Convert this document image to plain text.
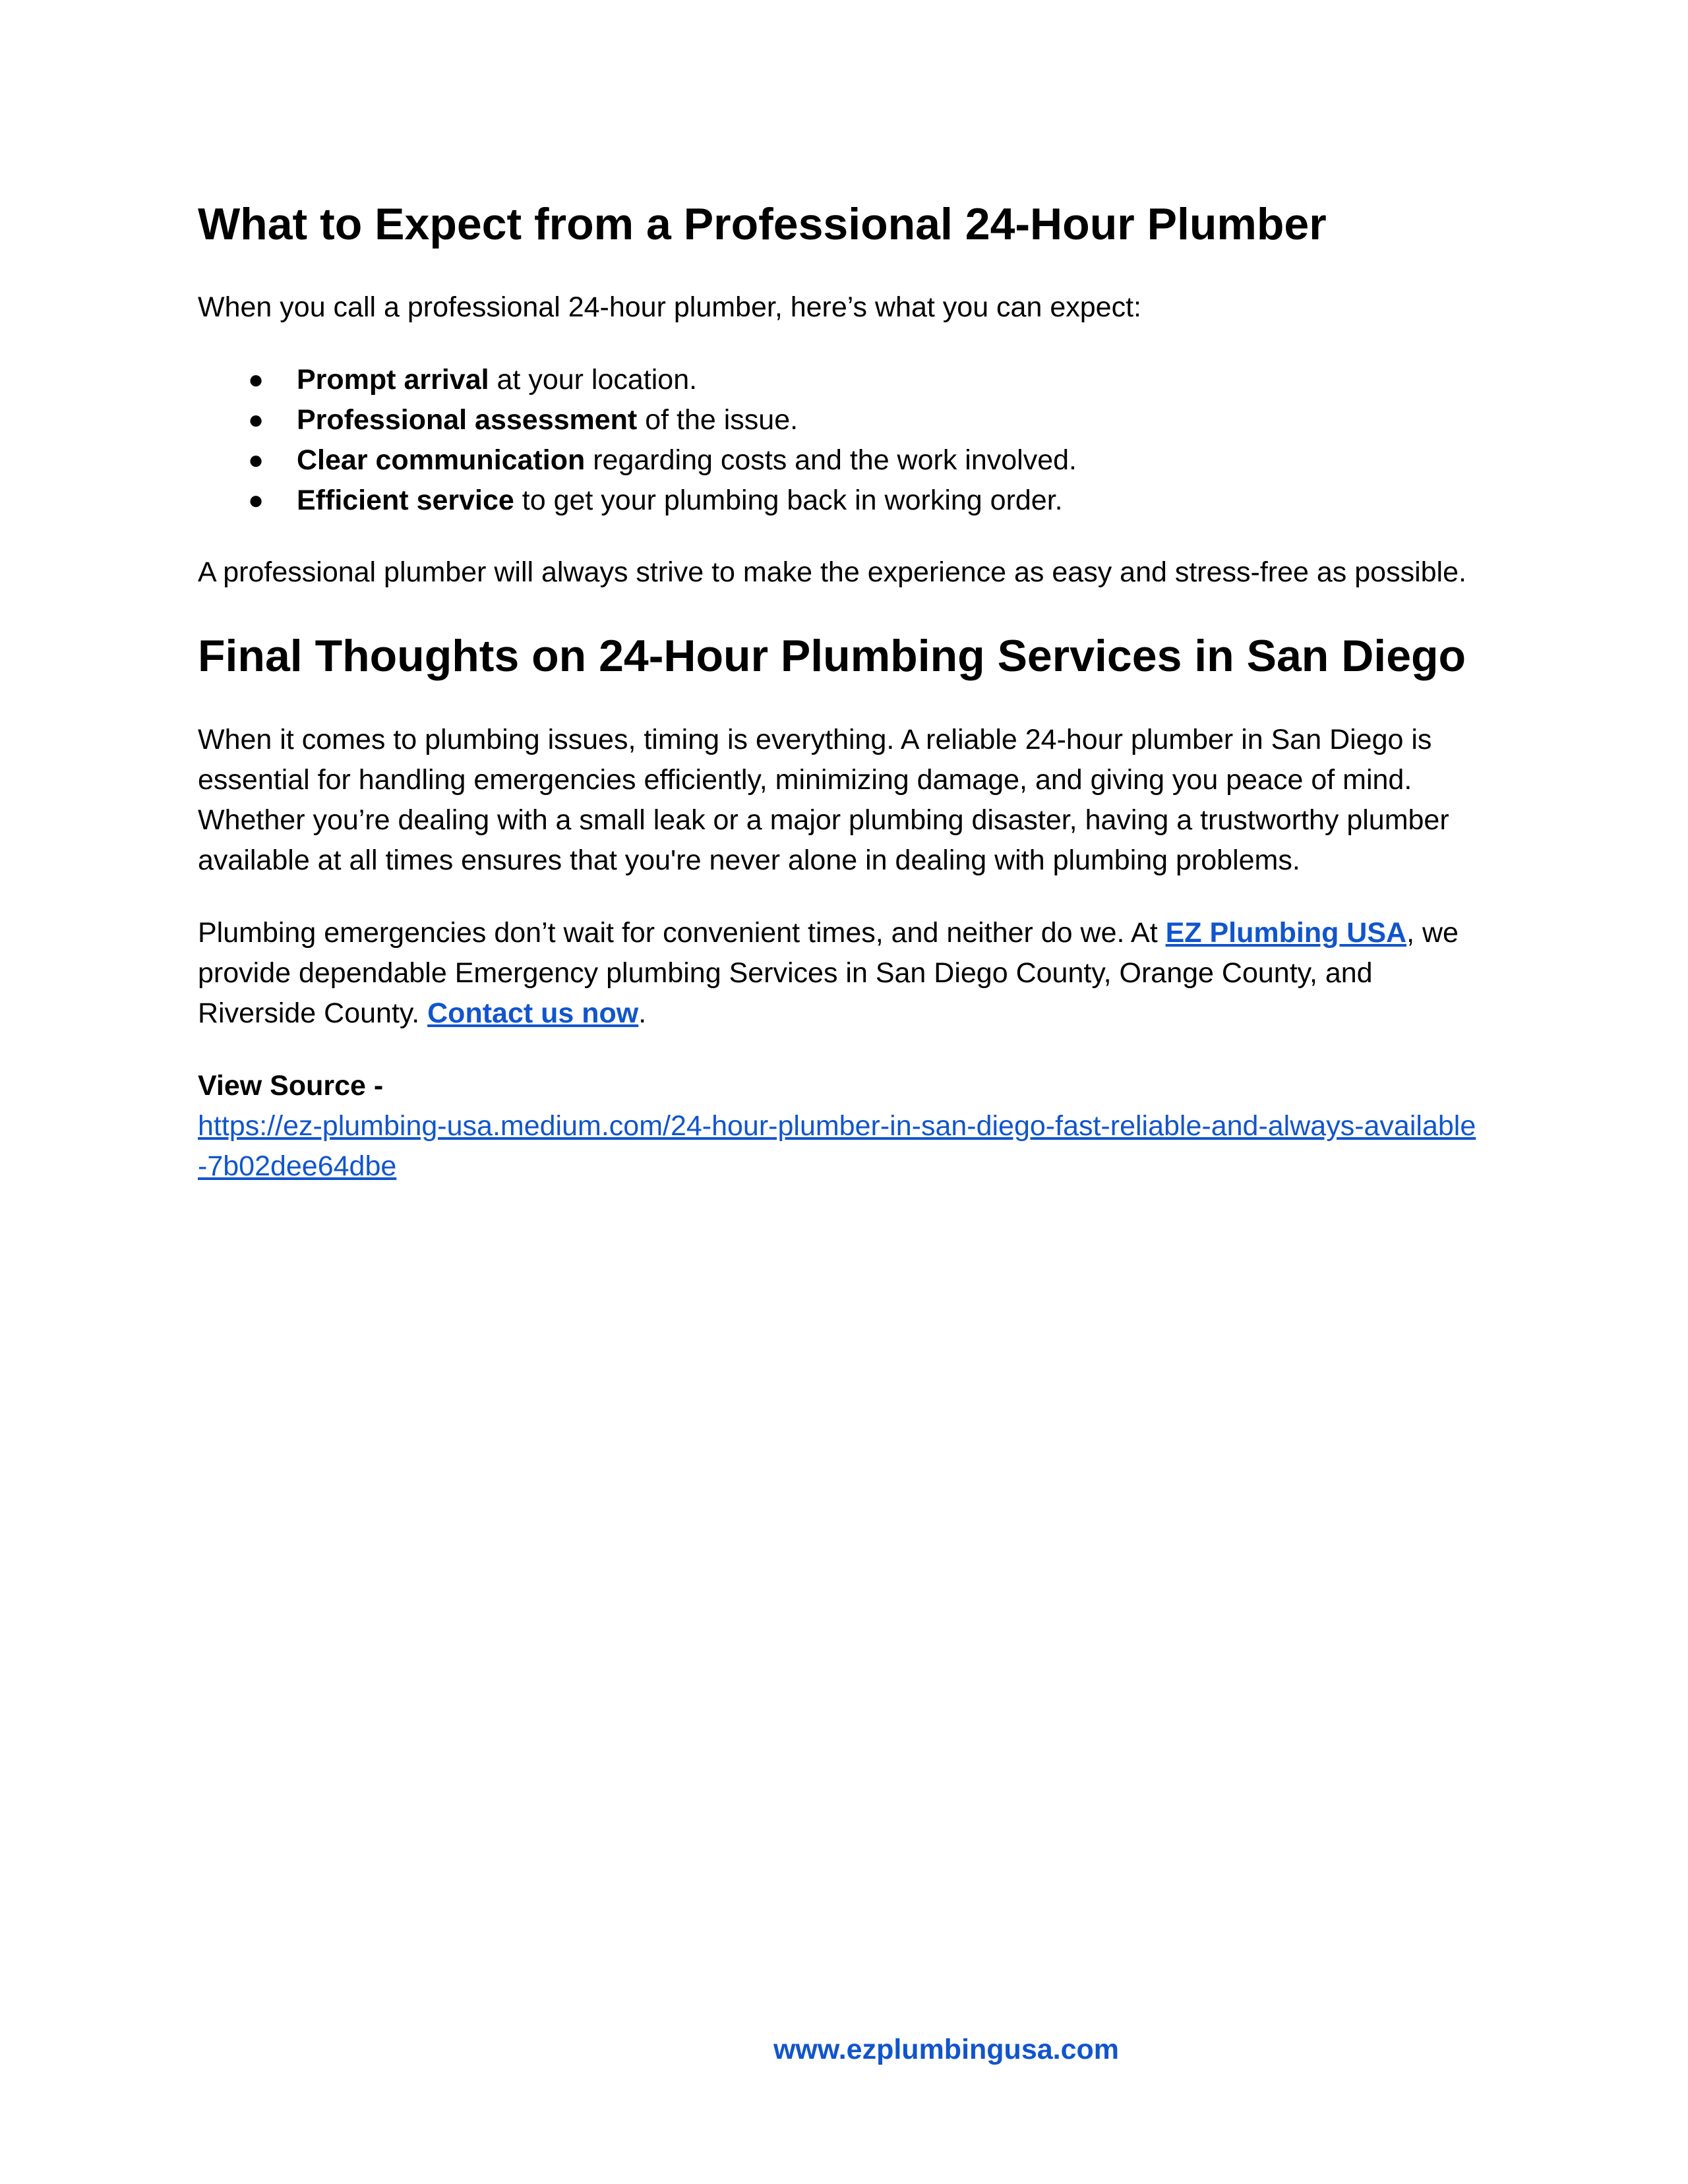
What to Expect from a Professional 24-Hour Plumber

When you call a professional 24-hour plumber, here’s what you can expect:

● Prompt arrival at your location.
● Professional assessment of the issue.
● Clear communication regarding costs and the work involved.
● Efficient service to get your plumbing back in working order.

A professional plumber will always strive to make the experience as easy and stress-free as possible.

Final Thoughts on 24-Hour Plumbing Services in San Diego

When it comes to plumbing issues, timing is everything. A reliable 24-hour plumber in San Diego is essential for handling emergencies efficiently, minimizing damage, and giving you peace of mind. Whether you’re dealing with a small leak or a major plumbing disaster, having a trustworthy plumber available at all times ensures that you're never alone in dealing with plumbing problems.

Plumbing emergencies don’t wait for convenient times, and neither do we. At EZ Plumbing USA, we provide dependable Emergency plumbing Services in San Diego County, Orange County, and Riverside County. Contact us now.

View Source -
https://ez-plumbing-usa.medium.com/24-hour-plumber-in-san-diego-fast-reliable-and-always-available-7b02dee64dbe

www.ezplumbingusa.com
